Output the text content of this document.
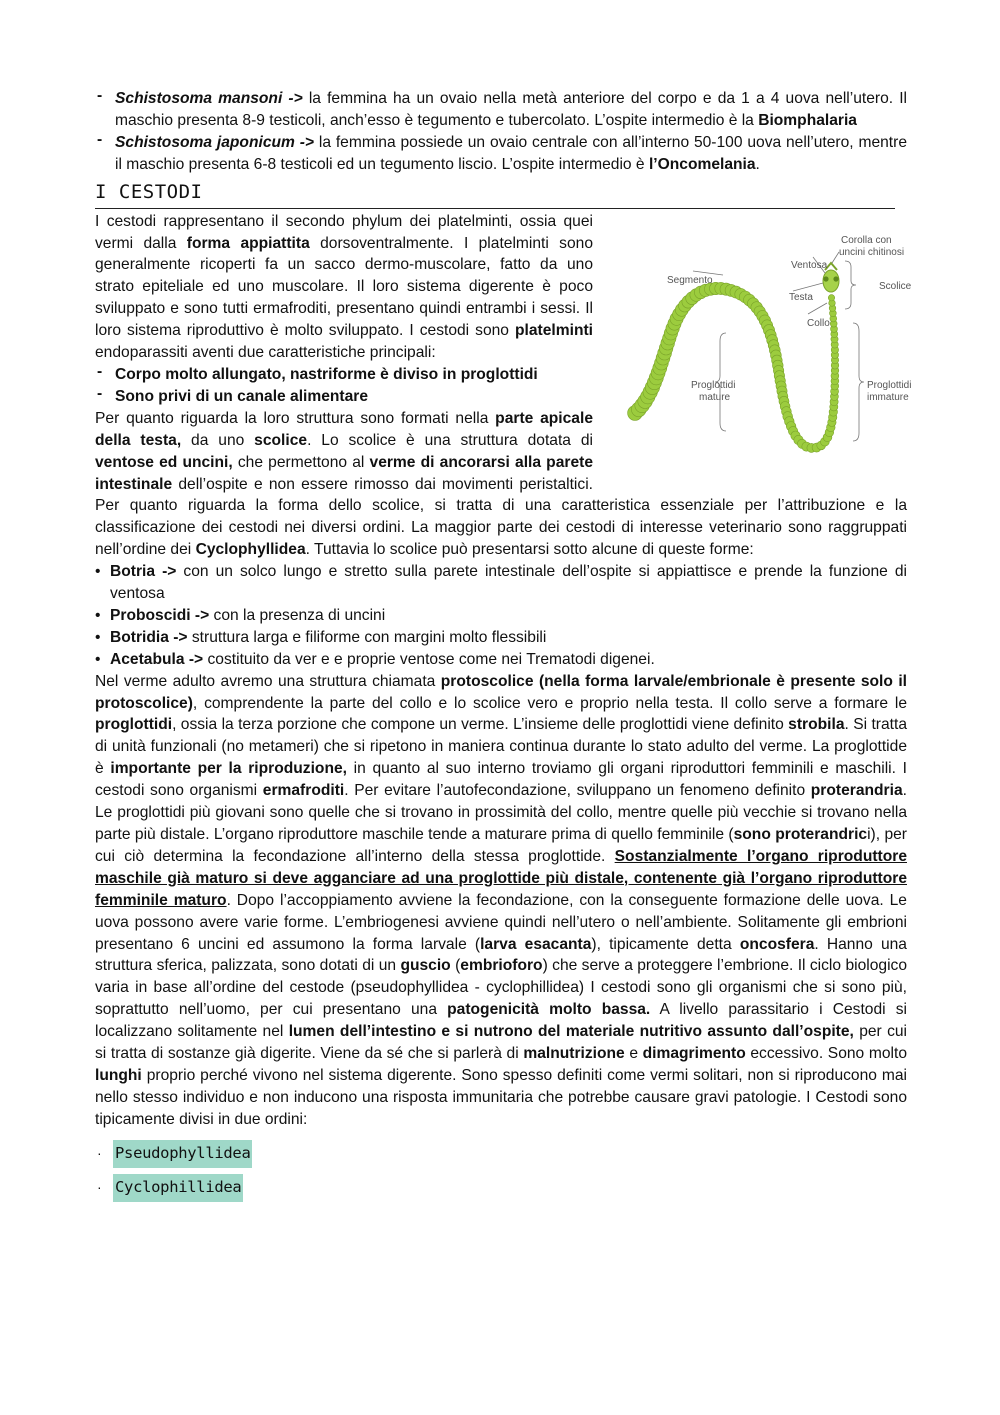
- Schistosoma mansoni -> la femmina ha un ovaio nella metà anteriore del corpo e da 1 a 4 uova nell’utero. Il maschio presenta 8-9 testicoli, anch’esso è tegumento e tubercolato. L’ospite intermedio è la Biomphalaria
- Schistosoma japonicum -> la femmina possiede un ovaio centrale con all’interno 50-100 uova nell’utero, mentre il maschio presenta 6-8 testicoli ed un tegumento liscio. L’ospite intermedio è l’Oncomelania.
I CESTODI
Corolla con
uncini chitinosi
Ventosa
Segmento
Scolice
Testa
Collo
Proglottidi
mature
Proglottidi
immature

I cestodi rappresentano il secondo phylum dei platelminti, ossia quei vermi dalla forma appiattita dorsoventralmente. I platelminti sono generalmente ricoperti fa un sacco dermo-muscolare, fatto da uno strato epiteliale ed uno muscolare. Il loro sistema digerente è poco sviluppato e sono tutti ermafroditi, presentano quindi entrambi i sessi. Il loro sistema riproduttivo è molto sviluppato. I cestodi sono platelminti endoparassiti aventi due caratteristiche principali:

- Corpo molto allungato, nastriforme è diviso in proglottidi
- Sono privi di un canale alimentare

Per quanto riguarda la loro struttura sono formati nella parte apicale della testa, da uno scolice. Lo scolice è una struttura dotata di ventose ed uncini, che permettono al verme di ancorarsi alla parete intestinale dell’ospite e non essere rimosso dai movimenti peristaltici. Per quanto riguarda la forma dello scolice, si tratta di una caratteristica essenziale per l’attribuzione e la classificazione dei cestodi nei diversi ordini. La maggior parte dei cestodi di interesse veterinario sono raggruppati nell’ordine dei Cyclophyllidea. Tuttavia lo scolice può presentarsi sotto alcune di queste forme:

• Botria -> con un solco lungo e stretto sulla parete intestinale dell’ospite si appiattisce e prende la funzione di ventosa
• Proboscidi -> con la presenza di uncini
• Botridia -> struttura larga e filiforme con margini molto flessibili
• Acetabula -> costituito da ver e e proprie ventose come nei Trematodi digenei.

Nel verme adulto avremo una struttura chiamata protoscolice (nella forma larvale/embrionale è presente solo il protoscolice), comprendente la parte del collo e lo scolice vero e proprio nella testa. Il collo serve a formare le proglottidi, ossia la terza porzione che compone un verme. L’insieme delle proglottidi viene definito strobila. Si tratta di unità funzionali (no metameri) che si ripetono in maniera continua durante lo stato adulto del verme. La proglottide è importante per la riproduzione, in quanto al suo interno troviamo gli organi riproduttori femminili e maschili. I cestodi sono organismi ermafroditi. Per evitare l’autofecondazione, sviluppano un fenomeno definito proterandria. Le proglottidi più giovani sono quelle che si trovano in prossimità del collo, mentre quelle più vecchie si trovano nella parte più distale. L’organo riproduttore maschile tende a maturare prima di quello femminile (sono proterandrici), per cui ciò determina la fecondazione all’interno della stessa proglottide. Sostanzialmente l’organo riproduttore maschile già maturo si deve agganciare ad una proglottide più distale, contenente già l’organo riproduttore femminile maturo. Dopo l’accoppiamento avviene la fecondazione, con la conseguente formazione delle uova. Le uova possono avere varie forme. L’embriogenesi avviene quindi nell’utero o nell’ambiente. Solitamente gli embrioni presentano 6 uncini ed assumono la forma larvale (larva esacanta), tipicamente detta oncosfera. Hanno una struttura sferica, palizzata, sono dotati di un guscio (embrioforo) che serve a proteggere l’embrione. Il ciclo biologico varia in base all’ordine del cestode (pseudophyllidea - cyclophillidea) I cestodi sono gli organismi che si sono più, soprattutto nell’uomo, per cui presentano una patogenicità molto bassa. A livello parassitario i Cestodi si localizzano solitamente nel lumen dell’intestino e si nutrono del materiale nutritivo assunto dall’ospite, per cui si tratta di sostanze già digerite. Viene da sé che si parlerà di malnutrizione e dimagrimento eccessivo. Sono molto lunghi proprio perché vivono nel sistema digerente. Sono spesso definiti come vermi solitari, non si riproducono mai nello stesso individuo e non inducono una risposta immunitaria che potrebbe causare gravi patologie. I Cestodi sono tipicamente divisi in due ordini:

· Pseudophyllidea
· Cyclophillidea
